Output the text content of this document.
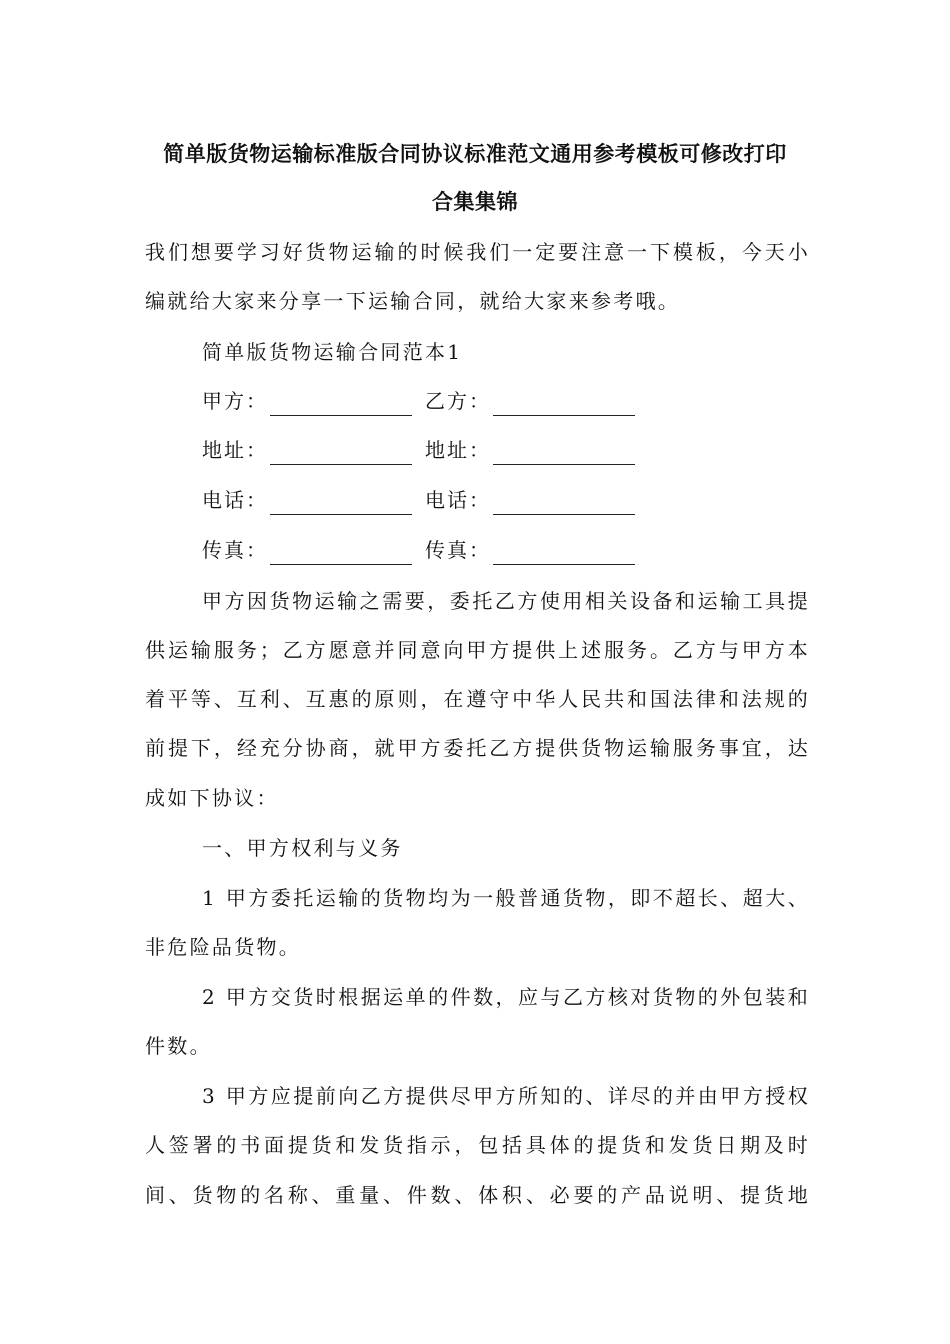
简单版货物运输标准版合同协议标准范文通用参考模板可修改打印
合集集锦
我们想要学习好货物运输的时候我们一定要注意一下模板，今天小
编就给大家来分享一下运输合同，就给大家来参考哦。
简单版货物运输合同范本1
甲方：	乙方：
地址：	地址：
电话：	电话：
传真：	传真：
甲方因货物运输之需要，委托乙方使用相关设备和运输工具提
供运输服务；乙方愿意并同意向甲方提供上述服务。乙方与甲方本
着平等、互利、互惠的原则，在遵守中华人民共和国法律和法规的
前提下，经充分协商，就甲方委托乙方提供货物运输服务事宜，达
成如下协议：
一、甲方权利与义务
1 甲方委托运输的货物均为一般普通货物，即不超长、超大、
非危险品货物。
2 甲方交货时根据运单的件数，应与乙方核对货物的外包装和
件数。
3 甲方应提前向乙方提供尽甲方所知的、详尽的并由甲方授权
人签署的书面提货和发货指示，包括具体的提货和发货日期及时
间、货物的名称、重量、件数、体积、必要的产品说明、提货地
